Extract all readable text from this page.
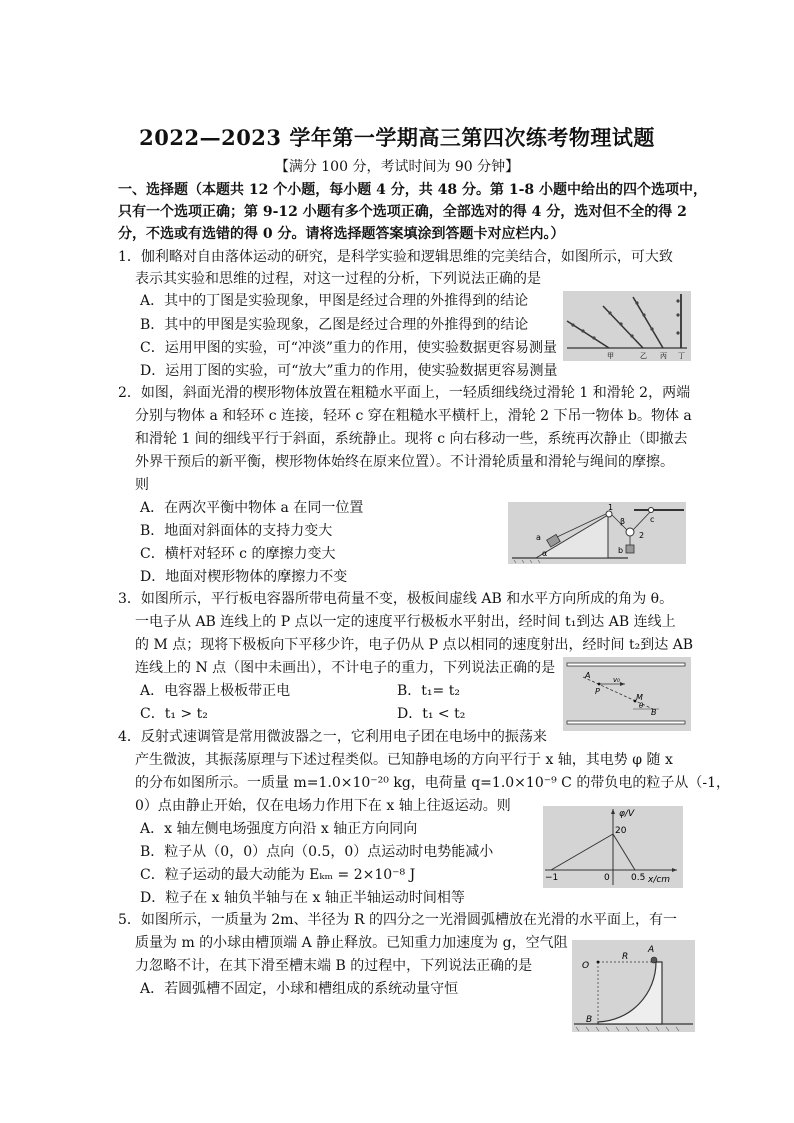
2022—2023 学年第一学期高三第四次练考物理试题
【满分 100 分，考试时间为 90 分钟】
一、选择题（本题共 12 个小题，每小题 4 分，共 48 分。第 1-8 小题中给出的四个选项中，
只有一个选项正确；第 9-12 小题有多个选项正确，全部选对的得 4 分，选对但不全的得 2
分，不选或有选错的得 0 分。请将选择题答案填涂到答题卡对应栏内。）
1．伽利略对自由落体运动的研究，是科学实验和逻辑思维的完美结合，如图所示，可大致
表示其实验和思维的过程，对这一过程的分析，下列说法正确的是
A．其中的丁图是实验现象，甲图是经过合理的外推得到的结论
B．其中的甲图是实验现象，乙图是经过合理的外推得到的结论
C．运用甲图的实验，可“冲淡”重力的作用，使实验数据更容易测量
D．运用丁图的实验，可“放大”重力的作用，使实验数据更容易测量
甲	乙 丙 丁
2．如图，斜面光滑的楔形物体放置在粗糙水平面上，一轻质细线绕过滑轮 1 和滑轮 2，两端
分别与物体 a 和轻环 c 连接，轻环 c 穿在粗糙水平横杆上，滑轮 2 下吊一物体 b。物体 a
和滑轮 1 间的细线平行于斜面，系统静止。现将 c 向右移动一些，系统再次静止（即撤去
外界干预后的新平衡，楔形物体始终在原来位置）。不计滑轮质量和滑轮与绳间的摩擦。
则
A．在两次平衡中物体 a 在同一位置
B．地面对斜面体的支持力变大
C．横杆对轻环 c 的摩擦力变大
D．地面对楔形物体的摩擦力不变
a
1
β
2
b
c
α
3．如图所示，平行板电容器所带电荷量不变，极板间虚线 AB 和水平方向所成的角为 θ。
一电子从 AB 连线上的 P 点以一定的速度平行极板水平射出，经时间 t₁到达 AB 连线上
的 M 点；现将下极板向下平移少许，电子仍从 P 点以相同的速度射出，经时间 t₂到达 AB
连线上的 N 点（图中未画出），不计电子的重力，下列说法正确的是
A．电容器上极板带正电	B．t₁= t₂
C．t₁ > t₂	D．t₁ < t₂
A	v₀
P
M
θ
B
4．反射式速调管是常用微波器之一，它利用电子团在电场中的振荡来
产生微波，其振荡原理与下述过程类似。已知静电场的方向平行于 x 轴，其电势 φ 随 x
的分布如图所示。一质量 m=1.0×10⁻²⁰ kg，电荷量 q=1.0×10⁻⁹ C 的带负电的粒子从（-1，
0）点由静止开始，仅在电场力作用下在 x 轴上往返运动。则
A．x 轴左侧电场强度方向沿 x 轴正方向同向
B．粒子从（0，0）点向（0.5，0）点运动时电势能减小
C．粒子运动的最大动能为 Eₖₘ = 2×10⁻⁸ J
D．粒子在 x 轴负半轴与在 x 轴正半轴运动时间相等
φ/V
20
−1	0 0.5 x/cm
5．如图所示，一质量为 2m、半径为 R 的四分之一光滑圆弧槽放在光滑的水平面上，有一
质量为 m 的小球由槽顶端 A 静止释放。已知重力加速度为 g，空气阻
力忽略不计，在其下滑至槽末端 B 的过程中，下列说法正确的是
A．若圆弧槽不固定，小球和槽组成的系统动量守恒
A
R
O
B
